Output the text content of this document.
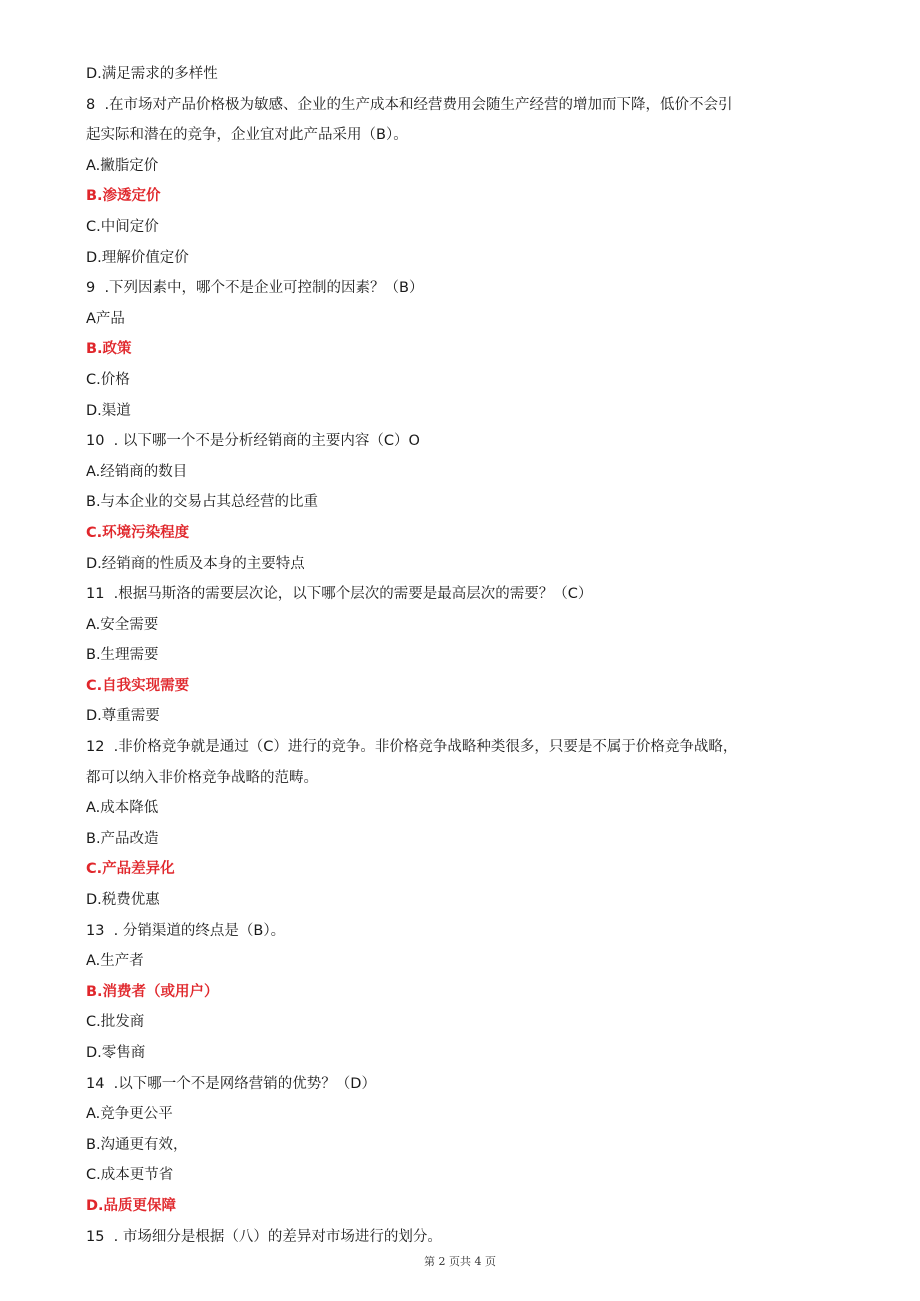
D.满足需求的多样性
8  .在市场对产品价格极为敏感、企业的生产成本和经营费用会随生产经营的增加而下降，低价不会引
起实际和潜在的竞争，企业宜对此产品采用（B）。
A.撇脂定价
B.渗透定价
C.中间定价
D.理解价值定价
9  .下列因素中，哪个不是企业可控制的因素？（B）
A产品
B.政策
C.价格
D.渠道
10  . 以下哪一个不是分析经销商的主要内容（C）O
A.经销商的数目
B.与本企业的交易占其总经营的比重
C.环境污染程度
D.经销商的性质及本身的主要特点
11  .根据马斯洛的需要层次论，以下哪个层次的需要是最高层次的需要？（C）
A.安全需要
B.生理需要
C.自我实现需要
D.尊重需要
12  .非价格竞争就是通过（C）进行的竞争。非价格竞争战略种类很多，只要是不属于价格竞争战略，
都可以纳入非价格竞争战略的范畴。
A.成本降低
B.产品改造
C.产品差异化
D.税费优惠
13  . 分销渠道的终点是（B）。
A.生产者
B.消费者（或用户）
C.批发商
D.零售商
14  .以下哪一个不是网络营销的优势？（D）
A.竞争更公平
B.沟通更有效，
C.成本更节省
D.品质更保障
15  . 市场细分是根据（八）的差异对市场进行的划分。
第 2 页共 4 页
